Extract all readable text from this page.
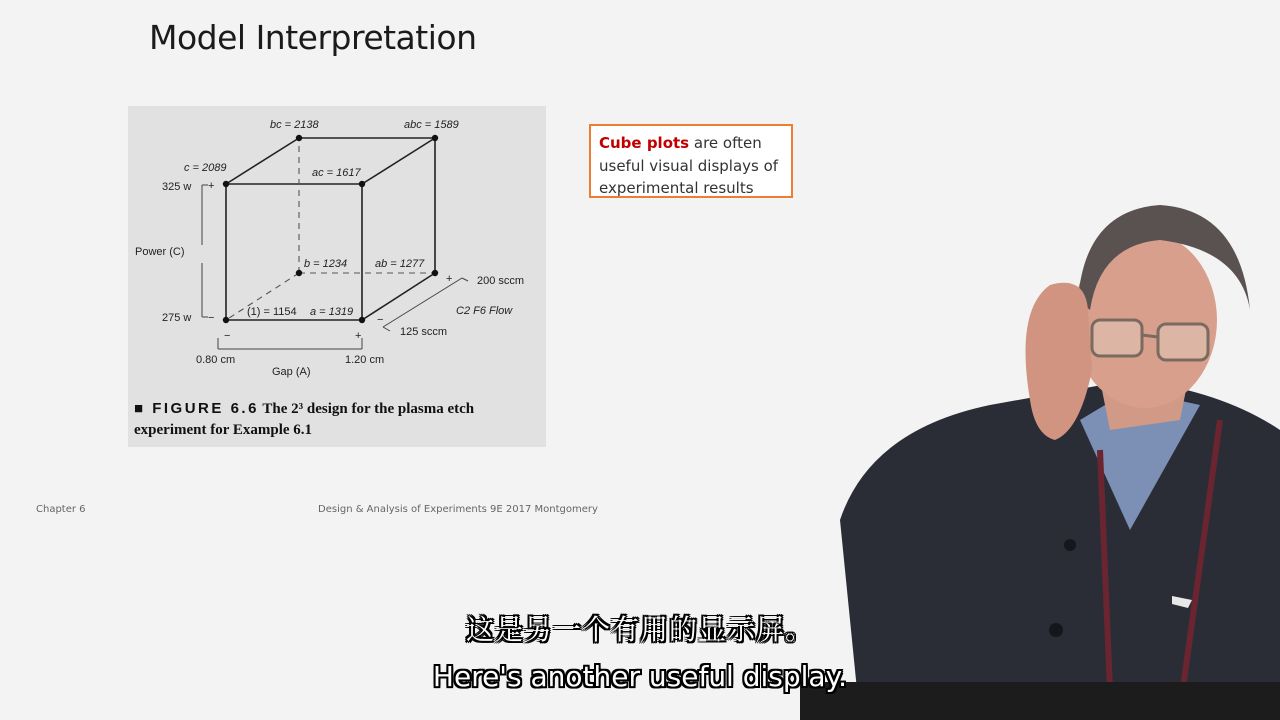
Model Interpretation
bc = 2138	abc = 1589
c = 2089	ac = 1617
b = 1234	ab = 1277
(1) = 1154 a = 1319
325 w +
Power (C)
275 w −
+ 200 sccm
C2 F6 Flow
−
125 sccm
−	+
0.80 cm	1.20 cm
Gap (A)
■ FIGURE 6.6 The 2³ design for the plasma etch experiment for Example 6.1
Cube plots are often useful visual displays of experimental results
Chapter 6	Design & Analysis of Experiments 9E 2017 Montgomery
这是另一个有用的显示屏。
Here's another useful display.
